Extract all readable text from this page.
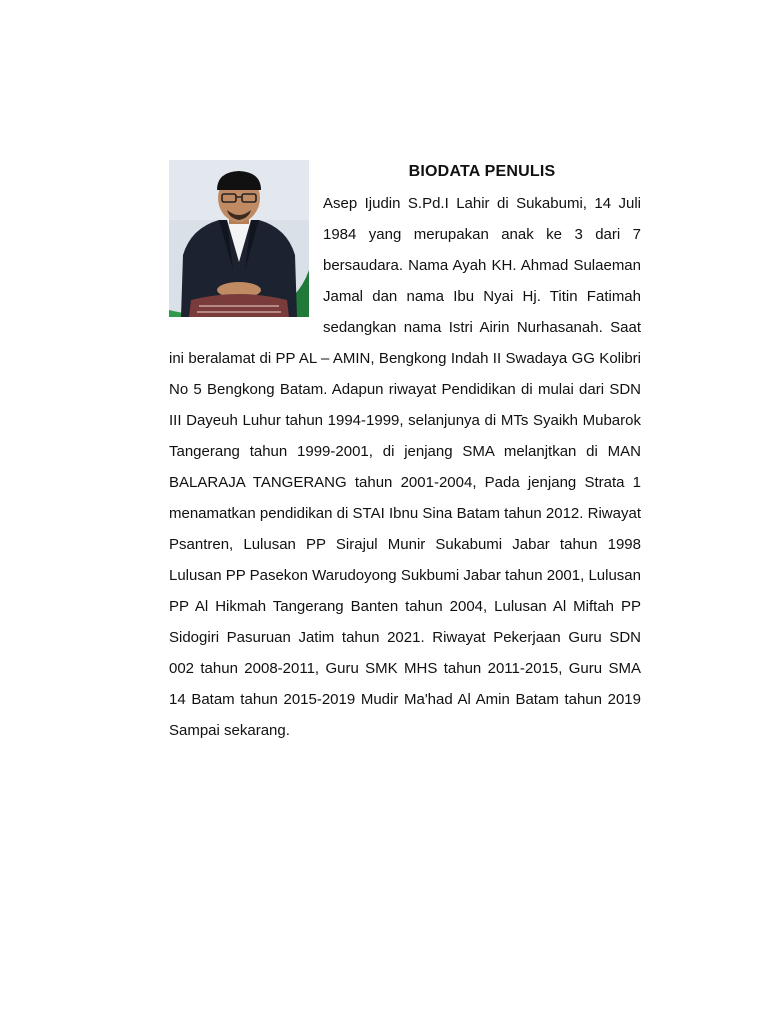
BIODATA PENULIS

Asep Ijudin S.Pd.I Lahir di Sukabumi, 14 Juli 1984 yang merupakan anak ke 3 dari 7 bersaudara. Nama Ayah KH. Ahmad Sulaeman Jamal dan nama Ibu Nyai Hj. Titin Fatimah sedangkan nama Istri Airin Nurhasanah. Saat ini beralamat di PP AL – AMIN, Bengkong Indah II Swadaya GG Kolibri No 5 Bengkong Batam. Adapun riwayat Pendidikan di mulai dari SDN III Dayeuh Luhur tahun 1994-1999, selanjunya di MTs Syaikh Mubarok Tangerang tahun 1999-2001, di jenjang SMA melanjtkan di MAN BALARAJA TANGERANG tahun 2001-2004, Pada jenjang Strata 1 menamatkan pendidikan di STAI Ibnu Sina Batam tahun 2012. Riwayat Psantren, Lulusan PP Sirajul Munir Sukabumi Jabar tahun 1998 Lulusan PP Pasekon Warudoyong Sukbumi Jabar tahun 2001, Lulusan PP Al Hikmah Tangerang Banten tahun 2004, Lulusan Al Miftah PP Sidogiri Pasuruan Jatim tahun 2021. Riwayat Pekerjaan Guru SDN 002 tahun 2008-2011, Guru SMK MHS tahun 2011-2015, Guru SMA 14 Batam tahun 2015-2019 Mudir Ma'had Al Amin Batam tahun 2019 Sampai sekarang.
